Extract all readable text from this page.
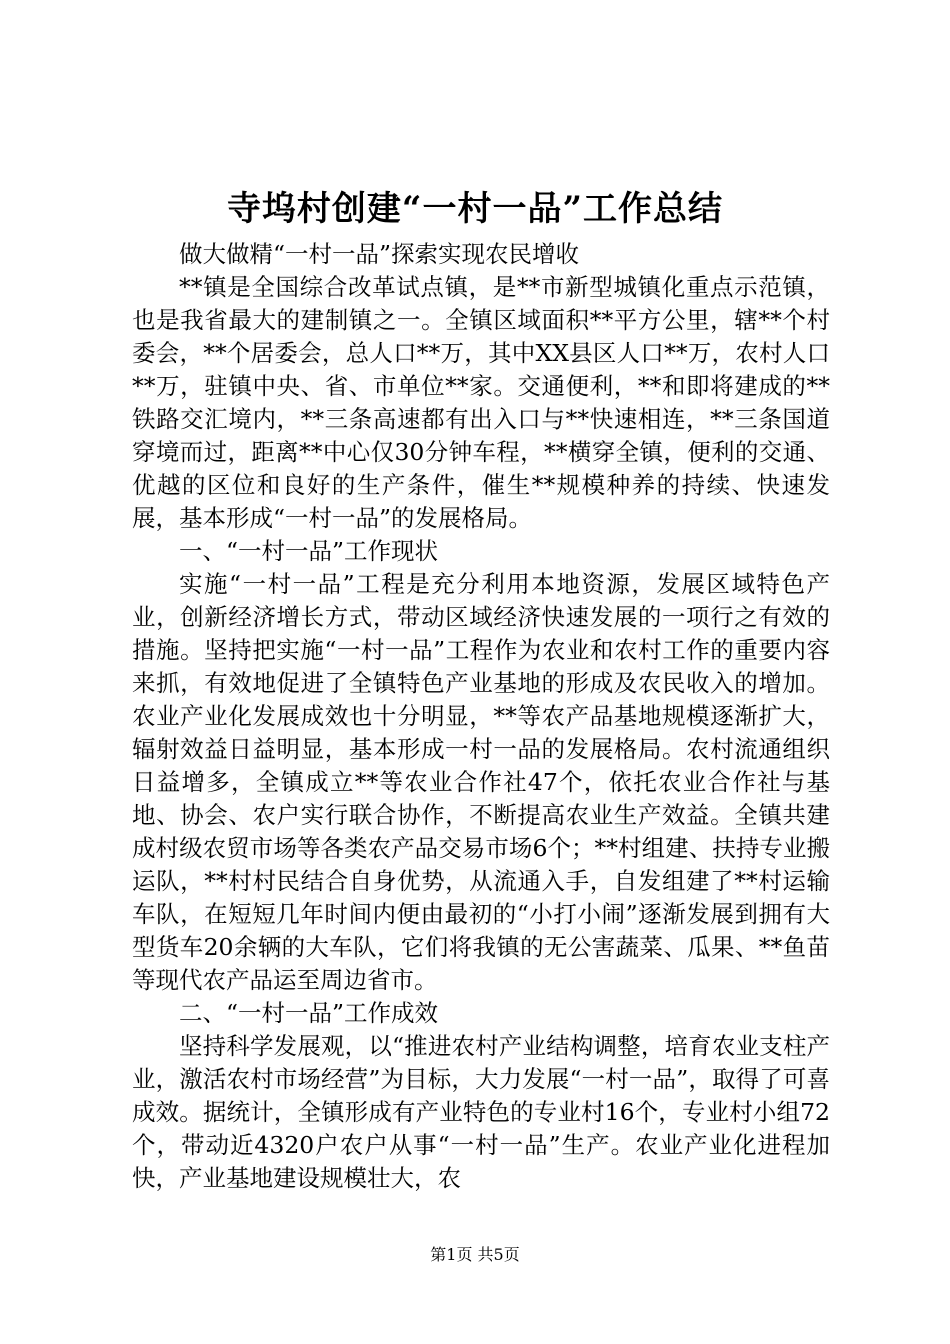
寺坞村创建“一村一品”工作总结

做大做精“一村一品”探索实现农民增收

**镇是全国综合改革试点镇，是**市新型城镇化重点示范镇，也是我省最大的建制镇之一。全镇区域面积**平方公里，辖**个村委会，**个居委会，总人口**万，其中XX县区人口**万，农村人口**万，驻镇中央、省、市单位**家。交通便利，**和即将建成的**铁路交汇境内，**三条高速都有出入口与**快速相连，**三条国道穿境而过，距离**中心仅30分钟车程，**横穿全镇，便利的交通、优越的区位和良好的生产条件，催生**规模种养的持续、快速发展，基本形成“一村一品”的发展格局。

一、“一村一品”工作现状

实施“一村一品”工程是充分利用本地资源，发展区域特色产业，创新经济增长方式，带动区域经济快速发展的一项行之有效的措施。坚持把实施“一村一品”工程作为农业和农村工作的重要内容来抓，有效地促进了全镇特色产业基地的形成及农民收入的增加。农业产业化发展成效也十分明显，**等农产品基地规模逐渐扩大，辐射效益日益明显，基本形成一村一品的发展格局。农村流通组织日益增多，全镇成立**等农业合作社47个，依托农业合作社与基地、协会、农户实行联合协作，不断提高农业生产效益。全镇共建成村级农贸市场等各类农产品交易市场6个；**村组建、扶持专业搬运队，**村村民结合自身优势，从流通入手，自发组建了**村运输车队，在短短几年时间内便由最初的“小打小闹”逐渐发展到拥有大型货车20余辆的大车队，它们将我镇的无公害蔬菜、瓜果、**鱼苗等现代农产品运至周边省市。

二、“一村一品”工作成效

坚持科学发展观，以“推进农村产业结构调整，培育农业支柱产业，激活农村市场经营”为目标，大力发展“一村一品”，取得了可喜成效。据统计，全镇形成有产业特色的专业村16个，专业村小组72个，带动近4320户农户从事“一村一品”生产。农业产业化进程加快，产业基地建设规模壮大，农

第1页 共5页
